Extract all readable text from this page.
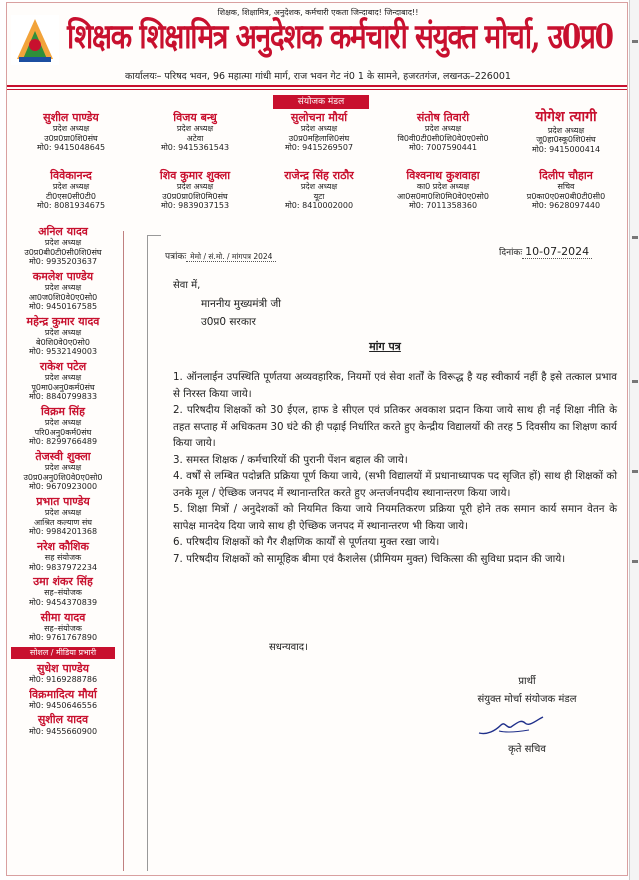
शिक्षक, शिक्षामित्र, अनुदेशक, कर्मचारी एकता जिन्दाबाद! जिन्दाबाद!!
शिक्षक शिक्षामित्र अनुदेशक कर्मचारी संयुक्त मोर्चा, उ0प्र0
कार्यालयः– परिषद भवन, 96 महात्मा गांधी मार्ग, राज भवन गेट नं0 1 के सामने, हजरतगंज, लखनऊ–226001
संयोजक मंडल
सुशील पाण्डेय
प्रदेश अध्यक्ष
उ0प्र0प्रा0शि0संघ
मो0: 9415048645
विजय बन्धु
प्रदेश अध्यक्ष
अटेवा
मो0: 9415361543
सुलोचना मौर्या
प्रदेश अध्यक्ष
उ0प्र0महिलाशि0संघ
मो0: 9415269507
संतोष तिवारी
प्रदेश अध्यक्ष
वि0वी0टी0सी0शि0वे0ए0सो0
मो0: 7007590441
योगेश त्यागी
प्रदेश अध्यक्ष
जू0हा0स्कू0शि0संघ
मो0: 9415000414
विवेकानन्द
प्रदेश अध्यक्ष
टी0एस0सी0टी0
मो0: 8081934675
शिव कुमार शुक्ला
प्रदेश अध्यक्ष
उ0प्र0प्रा0शि0मि0संघ
मो0: 9839037153
राजेन्द्र सिंह राठौर
प्रदेश अध्यक्ष
यूटा
मो0: 8410002000
विश्वनाथ कुशवाहा
का0 प्रदेश अध्यक्ष
आ0स0मा0शि0मि0वे0ए0सो0
मो0: 7011358360
दिलीप चौहान
सचिव
प्र0का0ए0स0बी0टी0सी0
मो0: 9628097440
अनिल यादव
प्रदेश अध्यक्ष
उ0प्र0बी0टी0सी0शि0संघ
मो0: 9935203637
कमलेश पाण्डेय
प्रदेश अध्यक्ष
आ0ज0शि0वे0ए0सो0
मो0: 9450167585
महेन्द्र कुमार यादव
प्रदेश अध्यक्ष
बे0शि0वे0ए0सो0
मो0: 9532149003
राकेश पटेल
प्रदेश अध्यक्ष
पू0मा0अनु0कर्म0संघ
मो0: 8840799833
विक्रम सिंह
प्रदेश अध्यक्ष
परि0अनु0कर्म0संघ
मो0: 8299766489
तेजस्वी शुक्ला
प्रदेश अध्यक्ष
उ0प्र0अनु0शि0वे0ए0सो0
मो0: 9670923000
प्रभात पाण्डेय
प्रदेश अध्यक्ष
आश्रित कल्याण संघ
मो0: 9984201368
नरेश कौशिक
सह संयोजक
मो0: 9837972234
उमा शंकर सिंह
सह–संयोजक
मो0: 9454370839
सीमा यादव
सह–संयोजक
मो0: 9761767890
सोशल / मीडिया प्रभारी
सुधेश पाण्डेय
मो0: 9169288786
विक्रमादित्य मौर्या
मो0: 9450646556
सुशील यादव
मो0: 9455660900
पत्रांकः मेमो / सं.मो. / मांगपत्र 2024	दिनांकः 10-07-2024
सेवा में,
माननीय मुख्यमंत्री जी
उ0प्र0 सरकार
मांग पत्र

1. ऑनलाईन उपस्थिति पूर्णतया अव्यवहारिक, नियमों एवं सेवा शर्तों के विरूद्ध है यह स्वीकार्य नहीं है इसे तत्काल प्रभाव से निरस्त किया जाये।

2. परिषदीय शिक्षकों को 30 ईएल, हाफ डे सीएल एवं प्रतिकर अवकाश प्रदान किया जाये साथ ही नई शिक्षा नीति के तहत सप्ताह में अधिकतम 30 घंटे की ही पढ़ाई निर्धारित करते हुए केन्द्रीय विद्यालयों की तरह 5 दिवसीय का शिक्षण कार्य किया जाये।

3. समस्त शिक्षक / कर्मचारियों की पुरानी पेंशन बहाल की जाये।

4. वर्षों से लम्बित पदोन्नति प्रक्रिया पूर्ण किया जाये, (सभी विद्यालयों में प्रधानाध्यापक पद सृजित हों) साथ ही शिक्षकों को उनके मूल / ऐच्छिक जनपद में स्थानान्तरित करते हुए अन्तर्जनपदीय स्थानान्तरण किया जाये।

5. शिक्षा मित्रों / अनुदेशकों को नियमित किया जाये नियमतिकरण प्रक्रिया पूरी होने तक समान कार्य समान वेतन के सापेक्ष मानदेय दिया जाये साथ ही ऐच्छिक जनपद में स्थानान्तरण भी किया जाये।

6. परिषदीय शिक्षकों को गैर शैक्षणिक कार्यों से पूर्णतया मुक्त रखा जाये।

7. परिषदीय शिक्षकों को सामूहिक बीमा एवं कैशलेस (प्रीमियम मुक्त) चिकित्सा की सुविधा प्रदान की जाये।

सधन्यवाद।
प्रार्थी
संयुक्त मोर्चा संयोजक मंडल
कृते सचिव
